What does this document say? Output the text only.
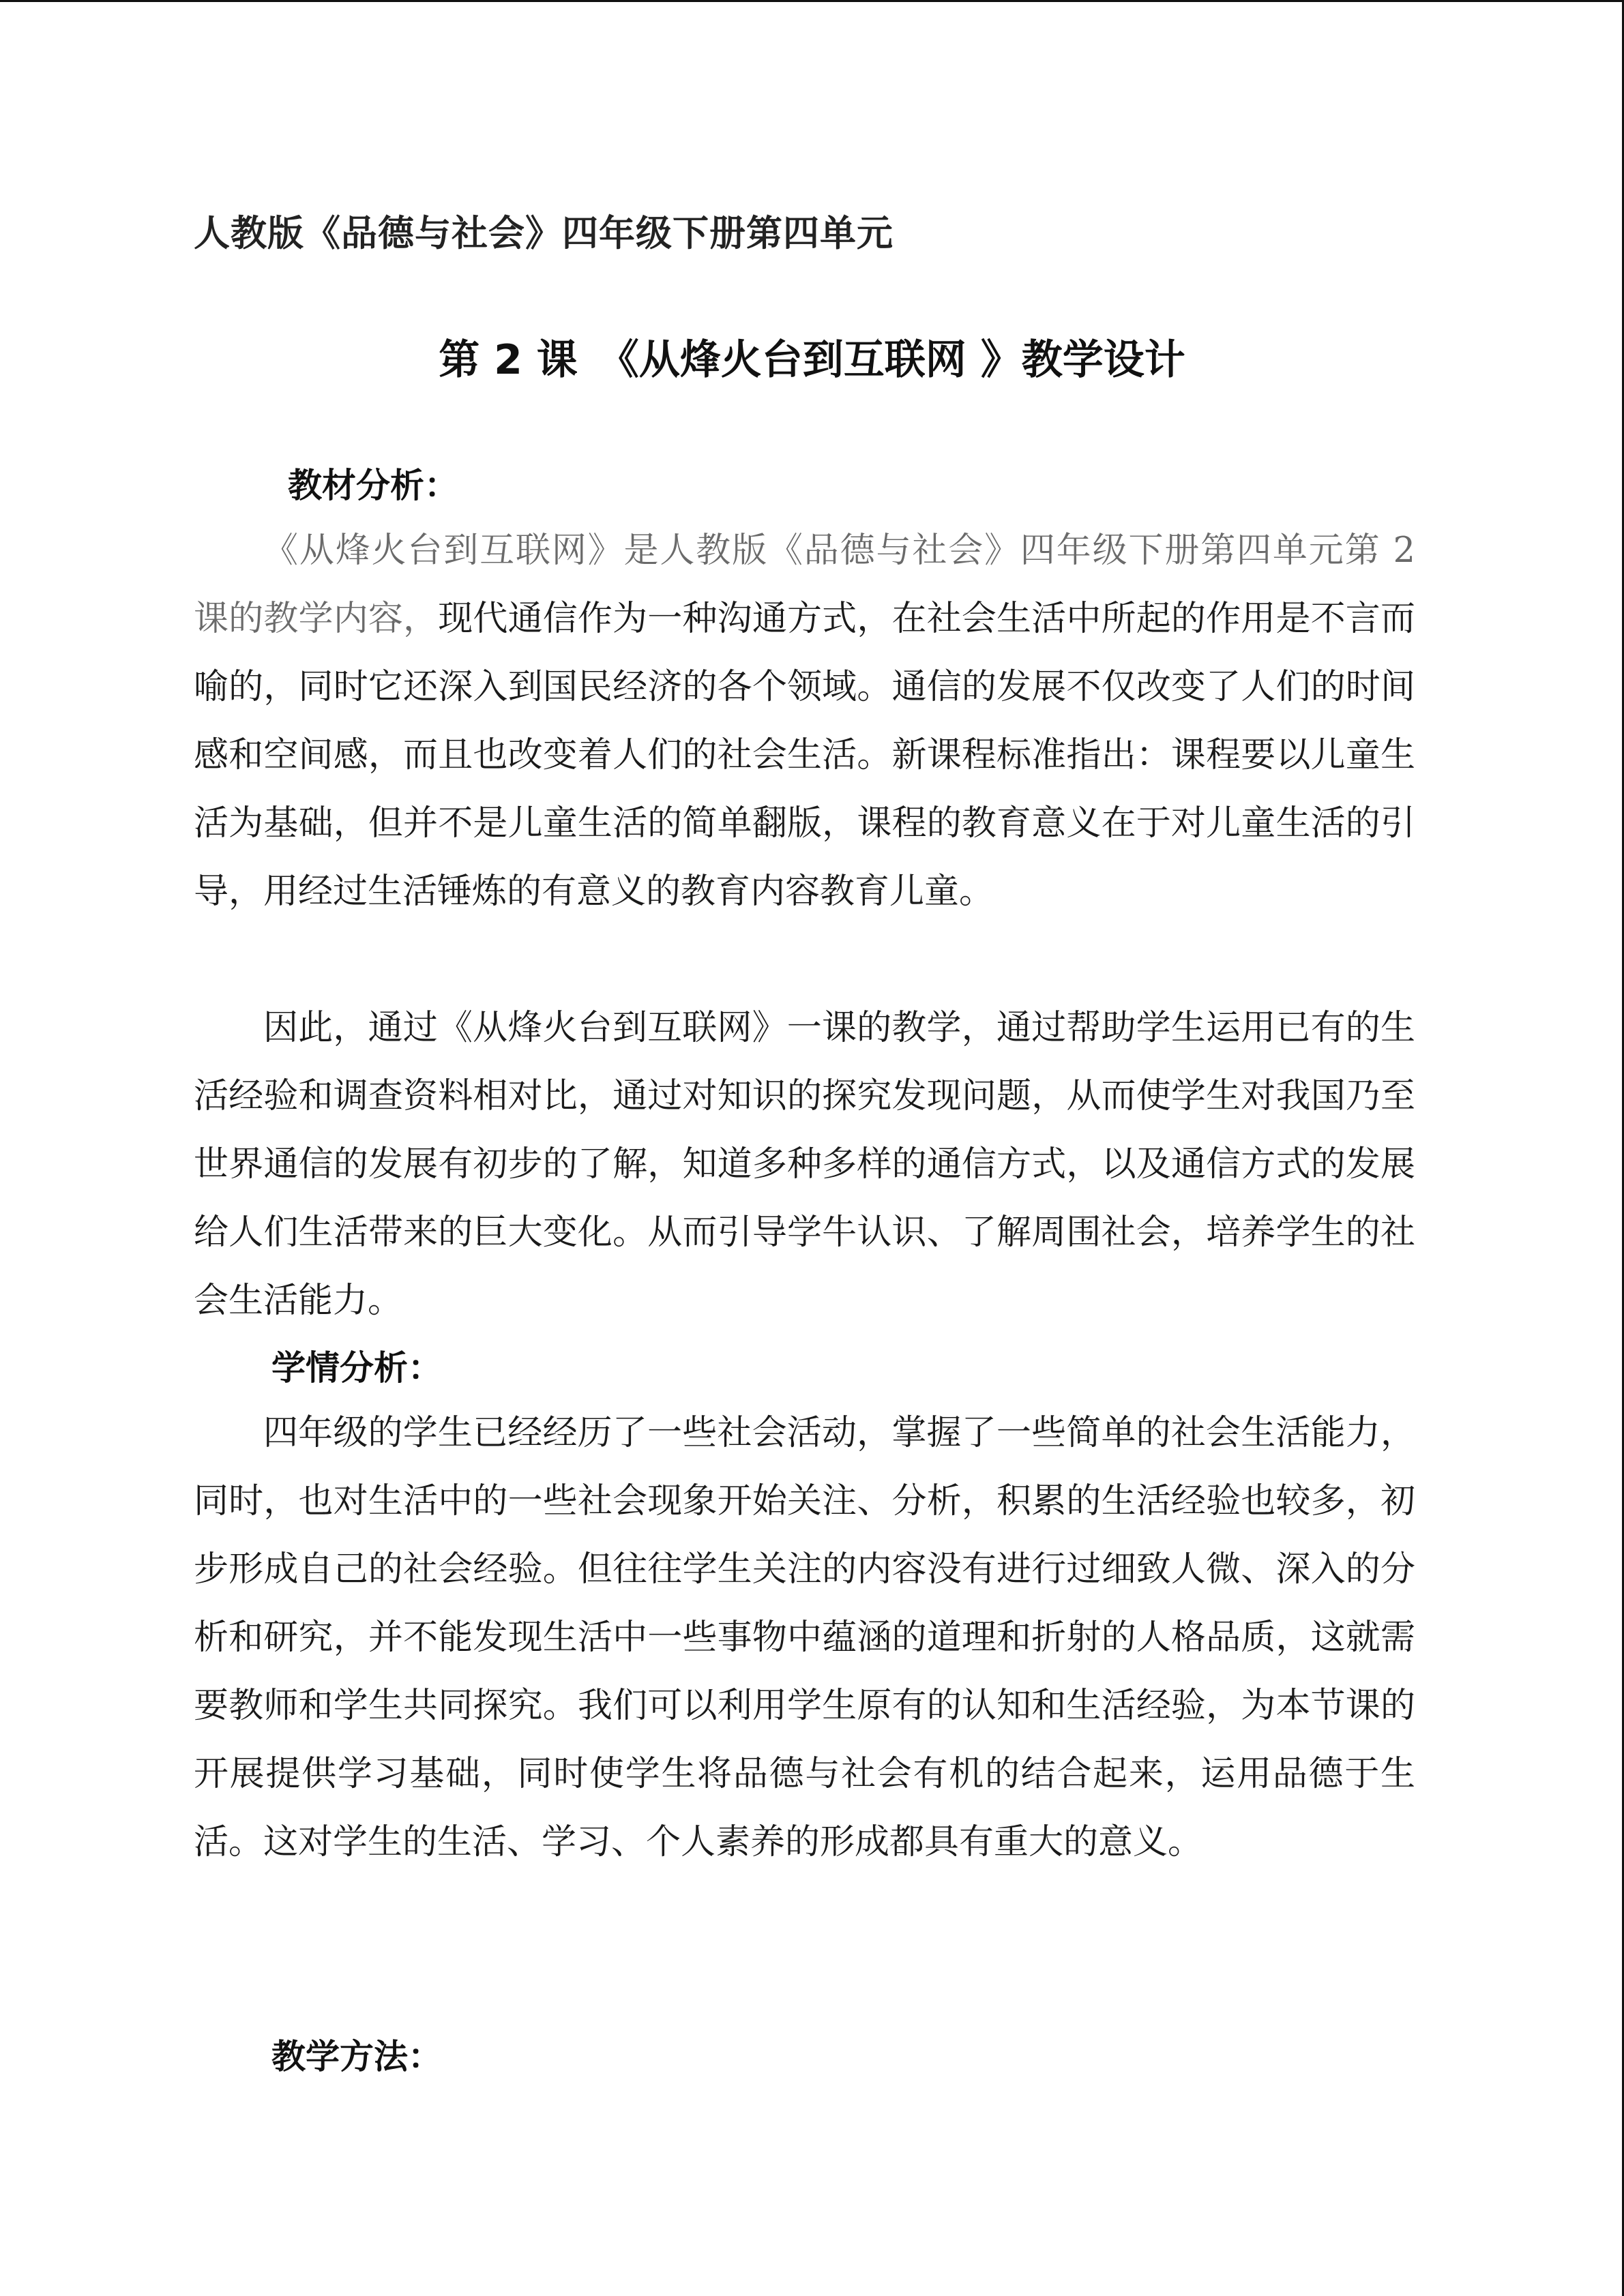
人教版《品德与社会》四年级下册第四单元
第 2 课　《从烽火台到互联网 》教学设计
教材分析：
《从烽火台到互联网》是人教版《品德与社会》四年级下册第四单元第 2 课的教学内容，现代通信作为一种沟通方式，在社会生活中所起的作用是不言而喻的，同时它还深入到国民经济的各个领域。通信的发展不仅改变了人们的时间感和空间感，而且也改变着人们的社会生活。新课程标准指出：课程要以儿童生活为基础，但并不是儿童生活的简单翻版，课程的教育意义在于对儿童生活的引导，用经过生活锤炼的有意义的教育内容教育儿童。
因此，通过《从烽火台到互联网》一课的教学，通过帮助学生运用已有的生活经验和调查资料相对比，通过对知识的探究发现问题，从而使学生对我国乃至世界通信的发展有初步的了解，知道多种多样的通信方式，以及通信方式的发展给人们生活带来的巨大变化。从而引导学牛认识、了解周围社会，培养学生的社会生活能力。
学情分析：
四年级的学生已经经历了一些社会活动，掌握了一些简单的社会生活能力，同时，也对生活中的一些社会现象开始关注、分析，积累的生活经验也较多，初步形成自己的社会经验。但往往学生关注的内容没有进行过细致人微、深入的分析和研究，并不能发现生活中一些事物中蕴涵的道理和折射的人格品质，这就需要教师和学生共同探究。我们可以利用学生原有的认知和生活经验，为本节课的开展提供学习基础，同时使学生将品德与社会有机的结合起来，运用品德于生活。这对学生的生活、学习、个人素养的形成都具有重大的意义。
教学方法：
